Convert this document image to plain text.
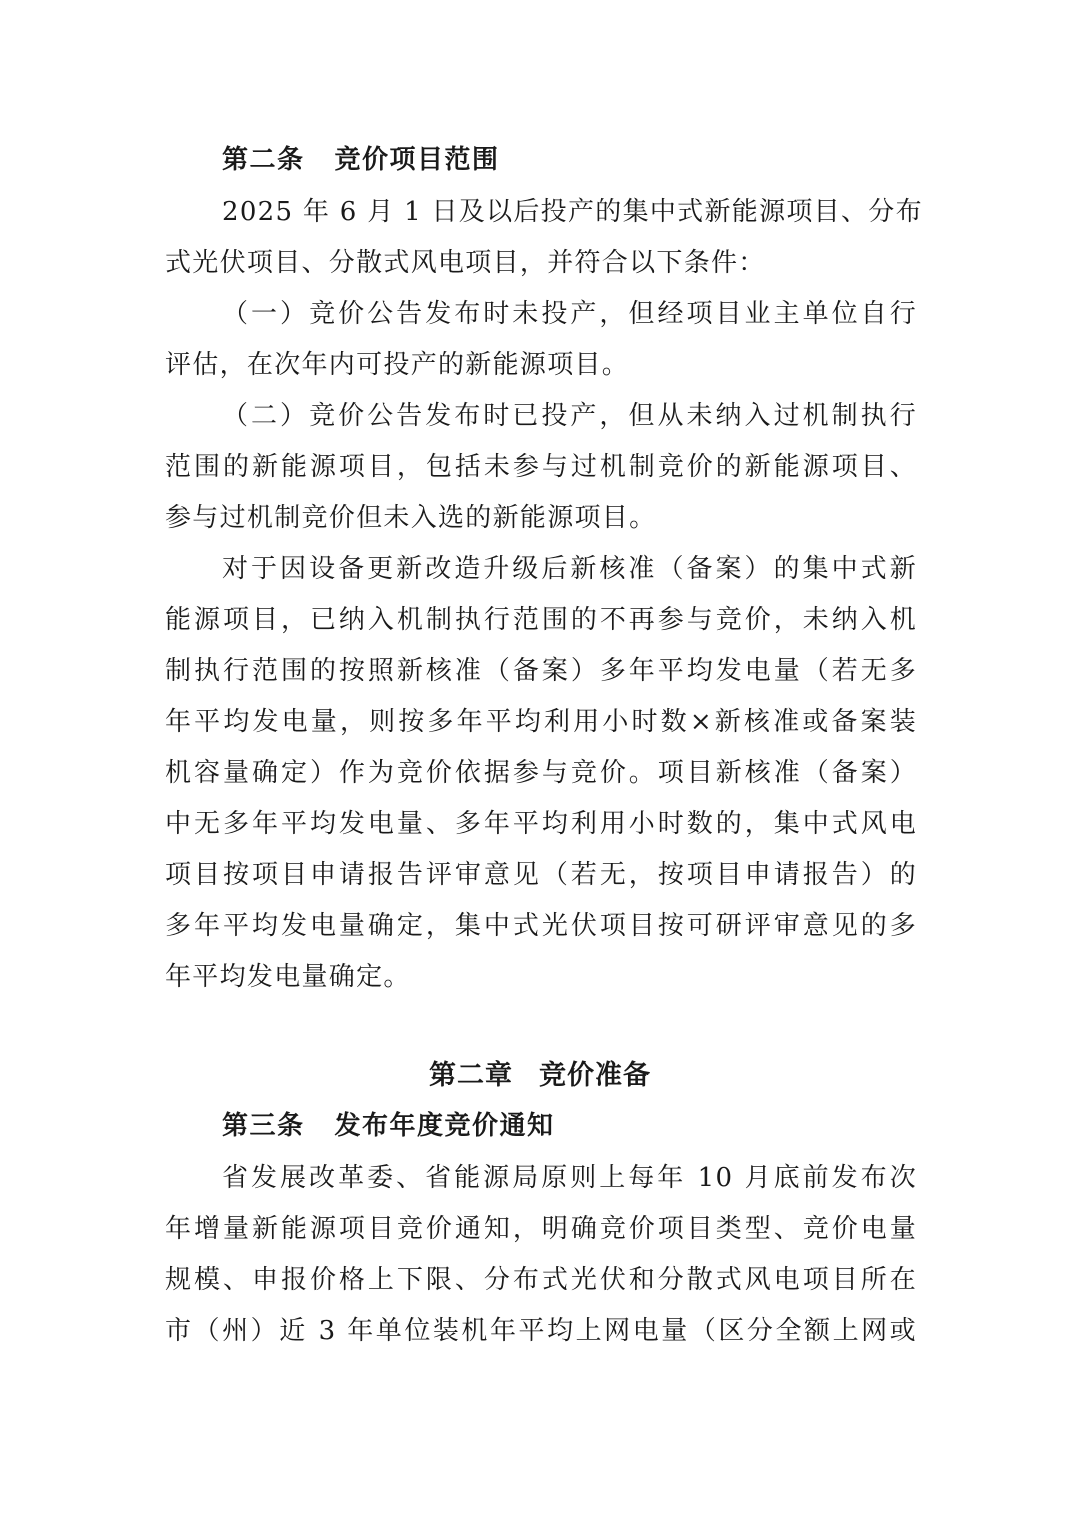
第二条 竞价项目范围
2025 年 6 月 1 日及以后投产的集中式新能源项目、分布
式光伏项目、分散式风电项目，并符合以下条件：
（一）竞价公告发布时未投产，但经项目业主单位自行
评估，在次年内可投产的新能源项目。
（二）竞价公告发布时已投产，但从未纳入过机制执行
范围的新能源项目，包括未参与过机制竞价的新能源项目、
参与过机制竞价但未入选的新能源项目。
对于因设备更新改造升级后新核准（备案）的集中式新
能源项目，已纳入机制执行范围的不再参与竞价，未纳入机
制执行范围的按照新核准（备案）多年平均发电量（若无多
年平均发电量，则按多年平均利用小时数×新核准或备案装
机容量确定）作为竞价依据参与竞价。项目新核准（备案）
中无多年平均发电量、多年平均利用小时数的，集中式风电
项目按项目申请报告评审意见（若无，按项目申请报告）的
多年平均发电量确定，集中式光伏项目按可研评审意见的多
年平均发电量确定。
第二章 竞价准备
第三条 发布年度竞价通知
省发展改革委、省能源局原则上每年 10 月底前发布次
年增量新能源项目竞价通知，明确竞价项目类型、竞价电量
规模、申报价格上下限、分布式光伏和分散式风电项目所在
市（州）近 3 年单位装机年平均上网电量（区分全额上网或
